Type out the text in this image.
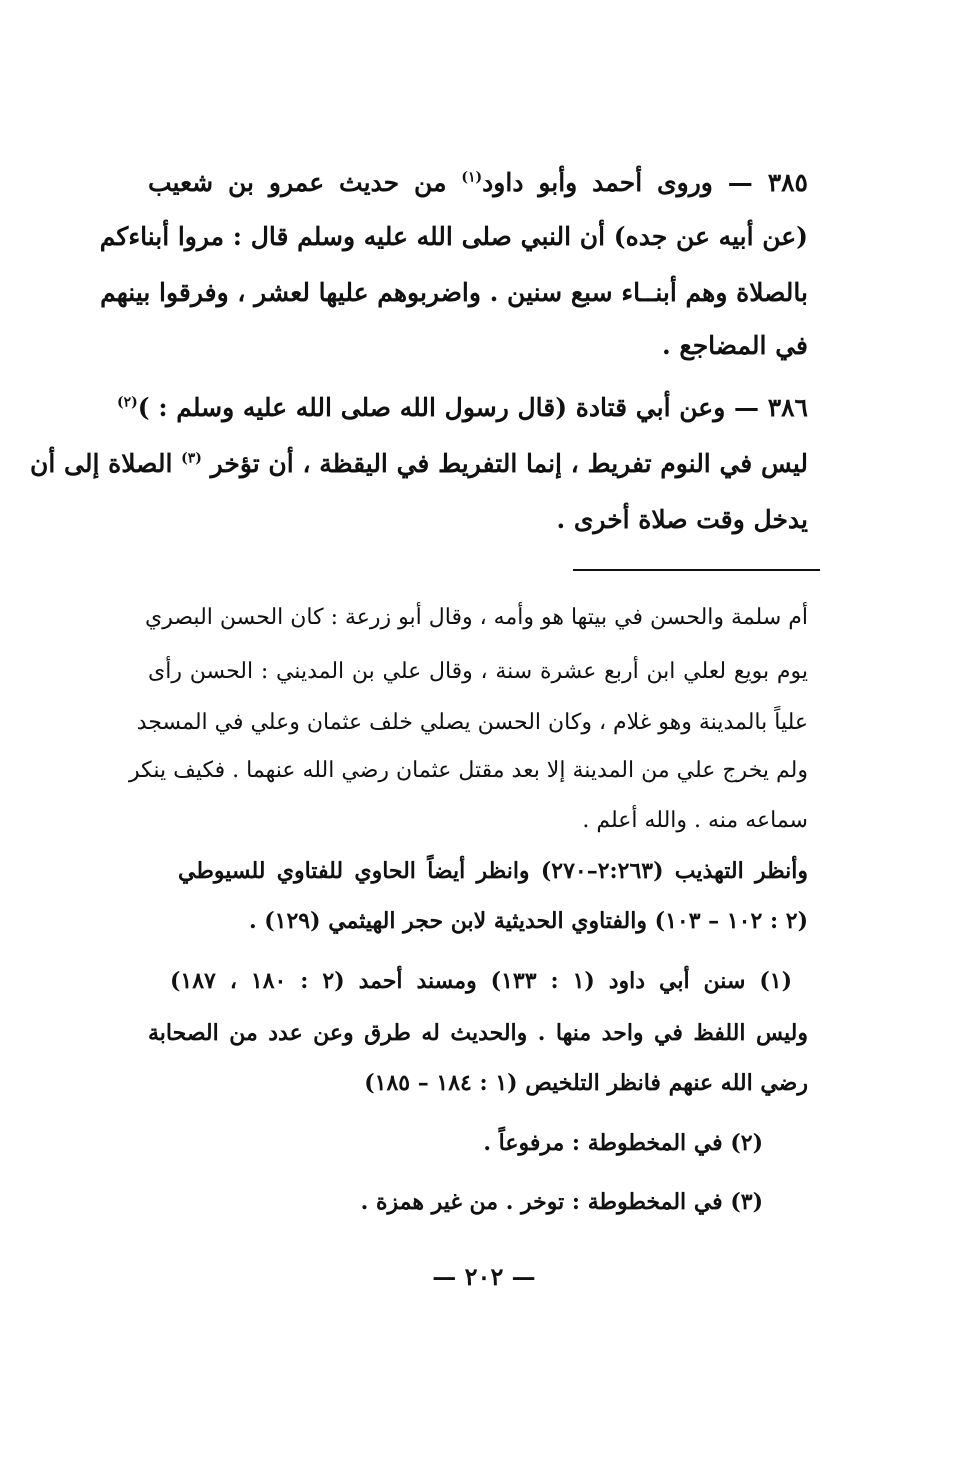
٣٨٥ — وروى أحمد وأبو داود$^{(١)}$ من حديث عمرو بن شعيب

(عن أبيه عن جده) أن النبي صلى الله عليه وسلم قال : مروا أبناءكم

بالصلاة وهم أبنــاء سبع سنين . واضربوهم عليها لعشر ، وفرقوا بينهم

في المضاجع .

٣٨٦ — وعن أبي قتادة (قال رسول الله صلى الله عليه وسلم : )$^{(٢)}$

ليس في النوم تفريط ، إنما التفريط في اليقظة ، أن تؤخر $^{(٣)}$ الصلاة إلى أن

يدخل وقت صلاة أخرى .

أم سلمة والحسن في بيتها هو وأمه ، وقال أبو زرعة : كان الحسن البصري

يوم بويع لعلي ابن أربع عشرة سنة ، وقال علي بن المديني : الحسن رأى

علياً بالمدينة وهو غلام ، وكان الحسن يصلي خلف عثمان وعلي في المسجد

ولم يخرج علي من المدينة إلا بعد مقتل عثمان رضي الله عنهما . فكيف ينكر

سماعه منه . والله أعلم .

وأنظر التهذيب (٢:٢٦٣–٢٧٠) وانظر أيضاً الحاوي للفتاوي للسيوطي

(٢ : ١٠٢ – ١٠٣) والفتاوي الحديثية لابن حجر الهيثمي (١٢٩) .

(١) سنن أبي داود (١ : ١٣٣) ومسند أحمد (٢ : ١٨٠ ، ١٨٧)

وليس اللفظ في واحد منها . والحديث له طرق وعن عدد من الصحابة

رضي الله عنهم فانظر التلخيص (١ : ١٨٤ – ١٨٥)

(٢) في المخطوطة : مرفوعاً .

(٣) في المخطوطة : توخر . من غير همزة .

— ٢٠٢ —
